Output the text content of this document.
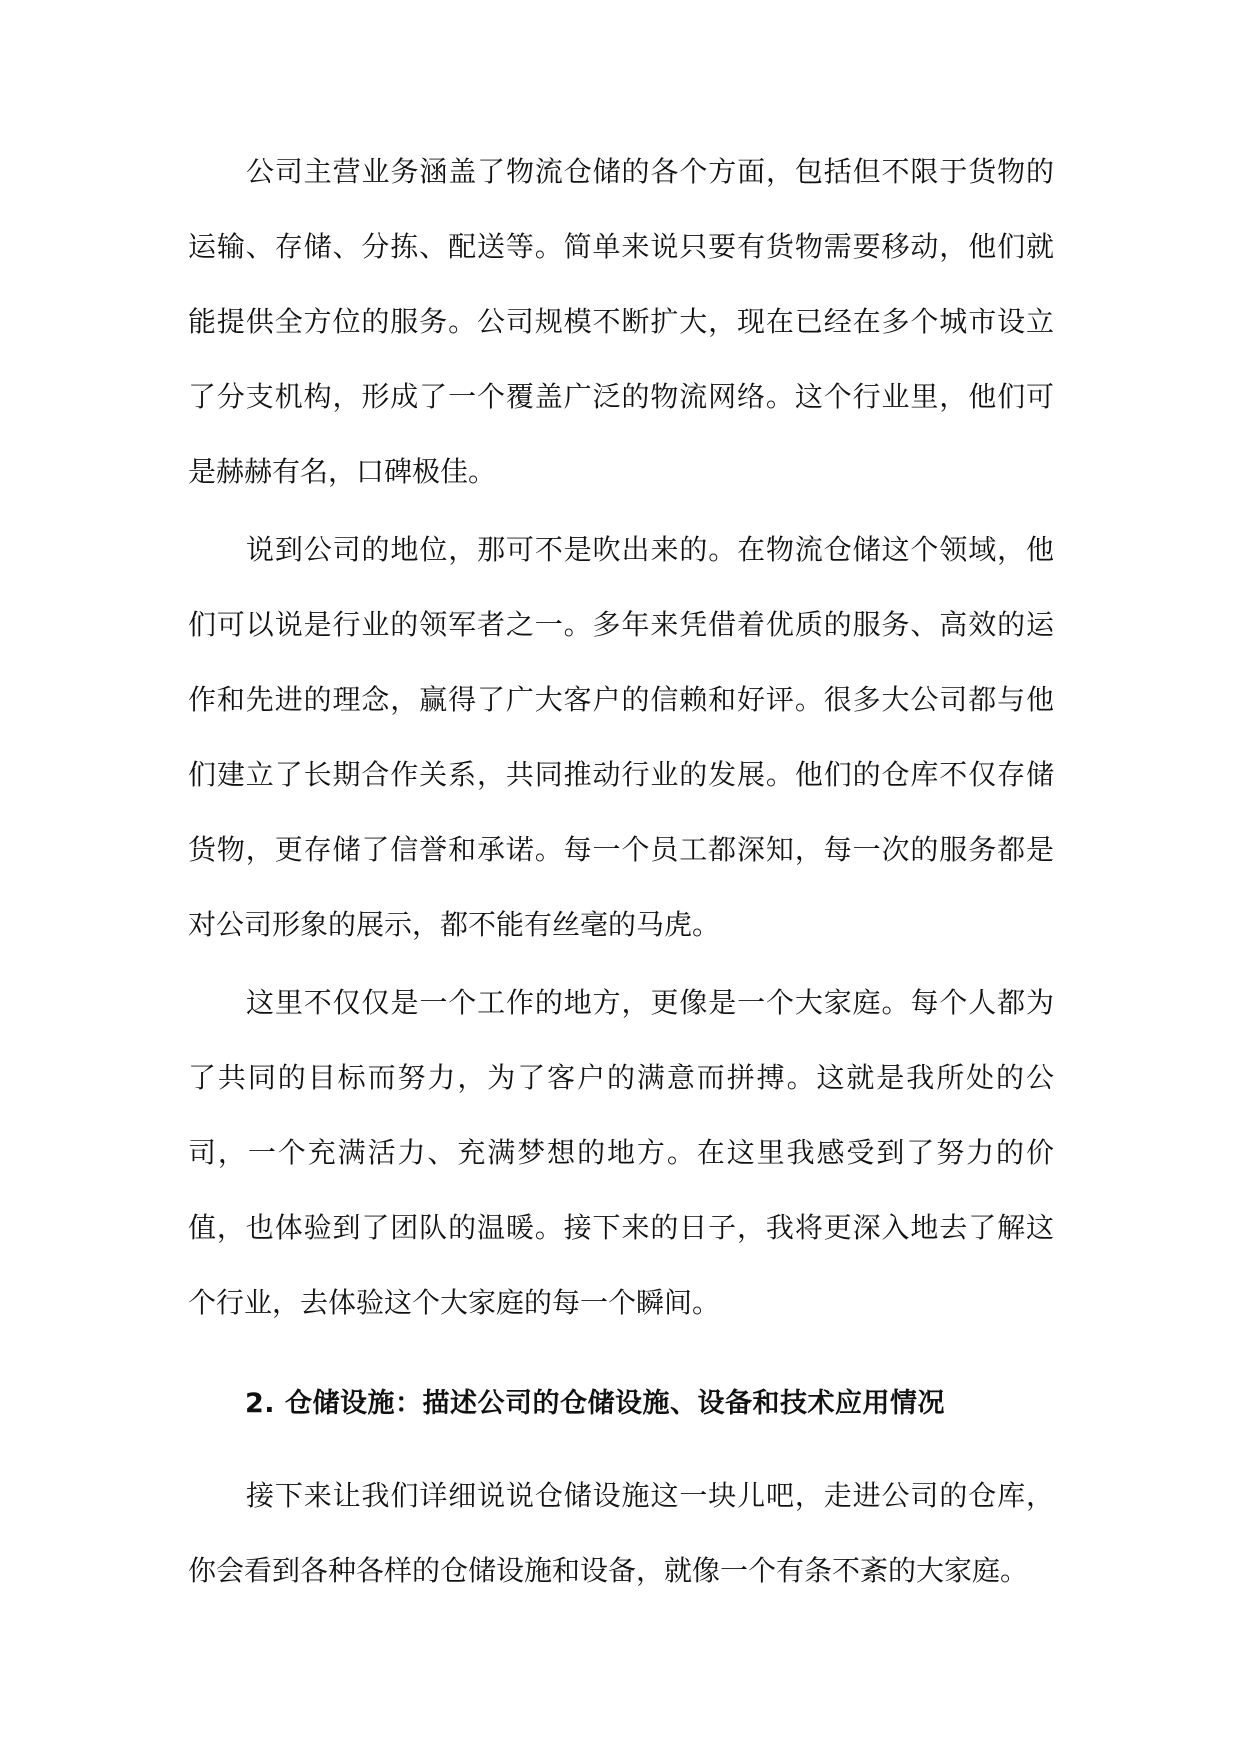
公司主营业务涵盖了物流仓储的各个方面，包括但不限于货物的运输、存储、分拣、配送等。简单来说只要有货物需要移动，他们就能提供全方位的服务。公司规模不断扩大，现在已经在多个城市设立了分支机构，形成了一个覆盖广泛的物流网络。这个行业里，他们可是赫赫有名，口碑极佳。

说到公司的地位，那可不是吹出来的。在物流仓储这个领域，他们可以说是行业的领军者之一。多年来凭借着优质的服务、高效的运作和先进的理念，赢得了广大客户的信赖和好评。很多大公司都与他们建立了长期合作关系，共同推动行业的发展。他们的仓库不仅存储货物，更存储了信誉和承诺。每一个员工都深知，每一次的服务都是对公司形象的展示，都不能有丝毫的马虎。

这里不仅仅是一个工作的地方，更像是一个大家庭。每个人都为了共同的目标而努力，为了客户的满意而拼搏。这就是我所处的公司，一个充满活力、充满梦想的地方。在这里我感受到了努力的价值，也体验到了团队的温暖。接下来的日子，我将更深入地去了解这个行业，去体验这个大家庭的每一个瞬间。

2. 仓储设施：描述公司的仓储设施、设备和技术应用情况

接下来让我们详细说说仓储设施这一块儿吧，走进公司的仓库，你会看到各种各样的仓储设施和设备，就像一个有条不紊的大家庭。
